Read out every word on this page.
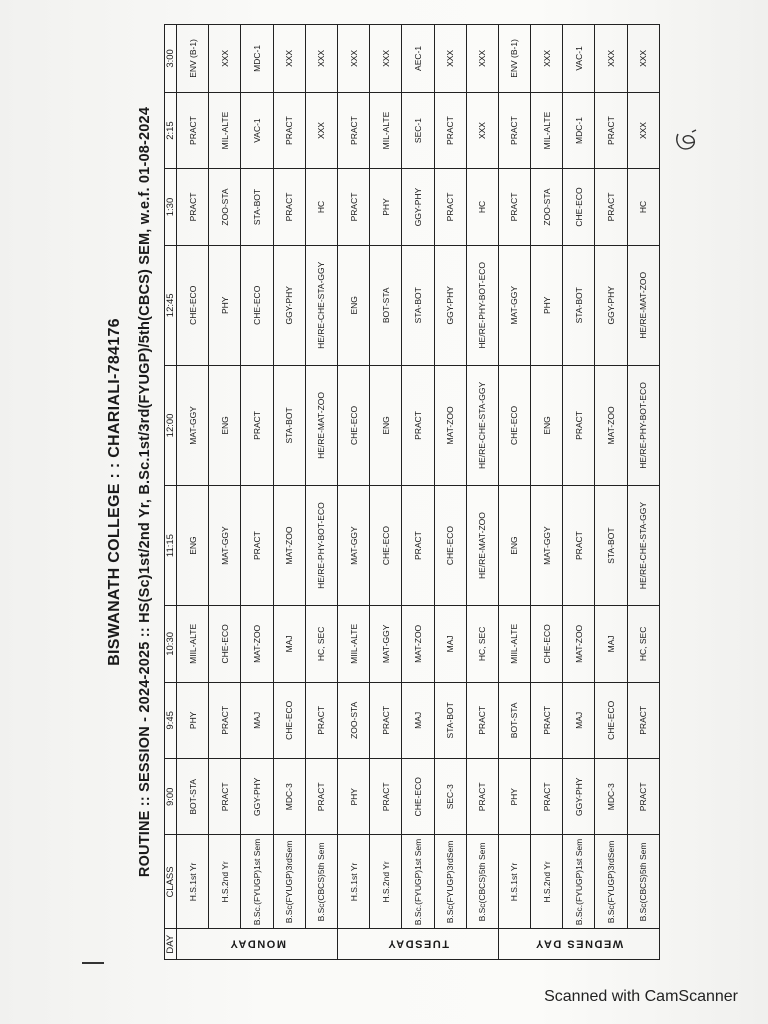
BISWANATH COLLEGE : : CHARIALI-784176 ROUTINE :: SESSION - 2024-2025 :: HS(Sc)1st/2nd Yr, B.Sc.1st/3rd(FYUGP)/5th(CBCS) SEM, w.e.f. 01-08-2024
DAY	CLASS	9:00	9:45	10:30	11:15	12:00	12:45	1:30	2:15	3:00
MONDAY	H.S.1st Yr	BOT-STA	PHY	MIIL-ALTE	ENG	MAT-GGY	CHE-ECO	PRACT	PRACT	ENV (B-1)
	H.S.2nd Yr	PRACT	PRACT	CHE-ECO	MAT-GGY	ENG	PHY	ZOO-STA	MIL-ALTE	XXX
	B.Sc.(FYUGP)1st Sem	GGY-PHY	MAJ	MAT-ZOO	PRACT	PRACT	CHE-ECO	STA-BOT	VAC-1	MDC-1
	B.Sc(FYUGP)3rdSem	MDC-3	CHE-ECO	MAJ	MAT-ZOO	STA-BOT	GGY-PHY	PRACT	PRACT	XXX
	B.Sc(CBCS)5th Sem	PRACT	PRACT	HC, SEC	HE/RE-PHY-BOT-ECO	HE/RE-MAT-ZOO	HE/RE-CHE-STA-GGY	HC	XXX	XXX
TUESDAY	H.S.1st Yr	PHY	ZOO-STA	MIIL-ALTE	MAT-GGY	CHE-ECO	ENG	PRACT	PRACT	XXX
	H.S.2nd Yr	PRACT	PRACT	MAT-GGY	CHE-ECO	ENG	BOT-STA	PHY	MIL-ALTE	XXX
	B.Sc.(FYUGP)1st Sem	CHE-ECO	MAJ	MAT-ZOO	PRACT	PRACT	STA-BOT	GGY-PHY	SEC-1	AEC-1
	B.Sc(FYUGP)3rdSem	SEC-3	STA-BOT	MAJ	CHE-ECO	MAT-ZOO	GGY-PHY	PRACT	PRACT	XXX
	B.Sc(CBCS)5th Sem	PRACT	PRACT	HC, SEC	HE/RE-MAT-ZOO	HE/RE-CHE-STA-GGY	HE/RE-PHY-BOT-ECO	HC	XXX	XXX
WEDNES DAY	H.S.1st Yr	PHY	BOT-STA	MIIL-ALTE	ENG	CHE-ECO	MAT-GGY	PRACT	PRACT	ENV (B-1)
	H.S.2nd Yr	PRACT	PRACT	CHE-ECO	MAT-GGY	ENG	PHY	ZOO-STA	MIL-ALTE	XXX
	B.Sc.(FYUGP)1st Sem	GGY-PHY	MAJ	MAT-ZOO	PRACT	PRACT	STA-BOT	CHE-ECO	MDC-1	VAC-1
	B.Sc(FYUGP)3rdSem	MDC-3	CHE-ECO	MAJ	STA-BOT	MAT-ZOO	GGY-PHY	PRACT	PRACT	XXX
	B.Sc(CBCS)5th Sem	PRACT	PRACT	HC, SEC	HE/RE-CHE-STA-GGY	HE/RE-PHY-BOT-ECO	HE/RE-MAT-ZOO	HC	XXX	XXX
Scanned with CamScanner
